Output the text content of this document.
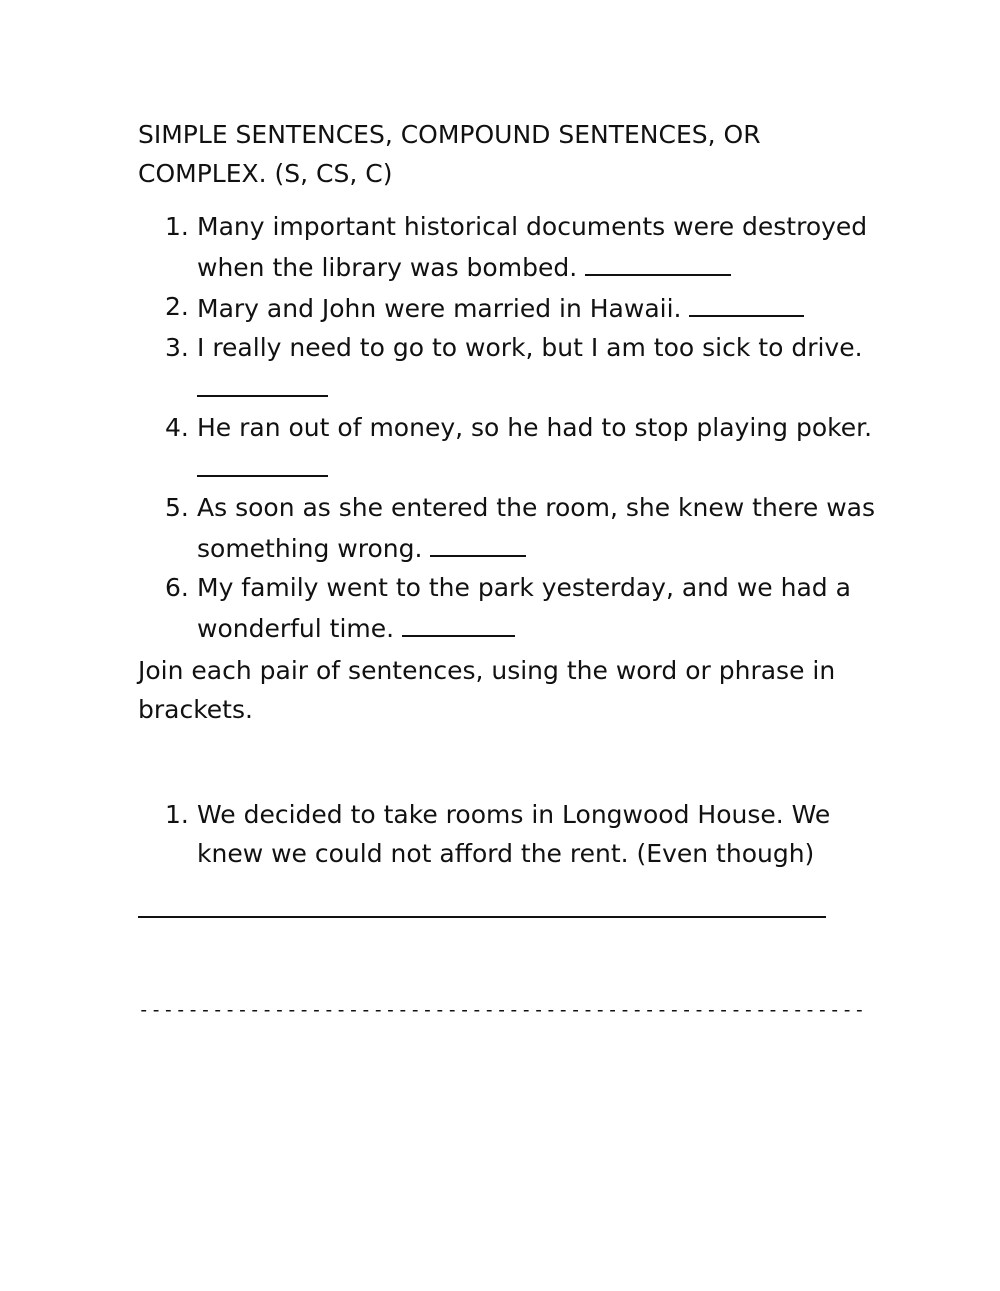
SIMPLE SENTENCES, COMPOUND SENTENCES, OR COMPLEX. (S, CS, C)

1. Many important historical documents were destroyed when the library was bombed.
2. Mary and John were married in Hawaii.
3. I really need to go to work, but I am too sick to drive.
4. He ran out of money, so he had to stop playing poker.
5. As soon as she entered the room, she knew there was something wrong.
6. My family went to the park yesterday, and we had a wonderful time.

Join each pair of sentences, using the word or phrase in brackets.

1. We decided to take rooms in Longwood House. We knew we could not afford the rent. (Even though)
-----------------------------------------------------------
